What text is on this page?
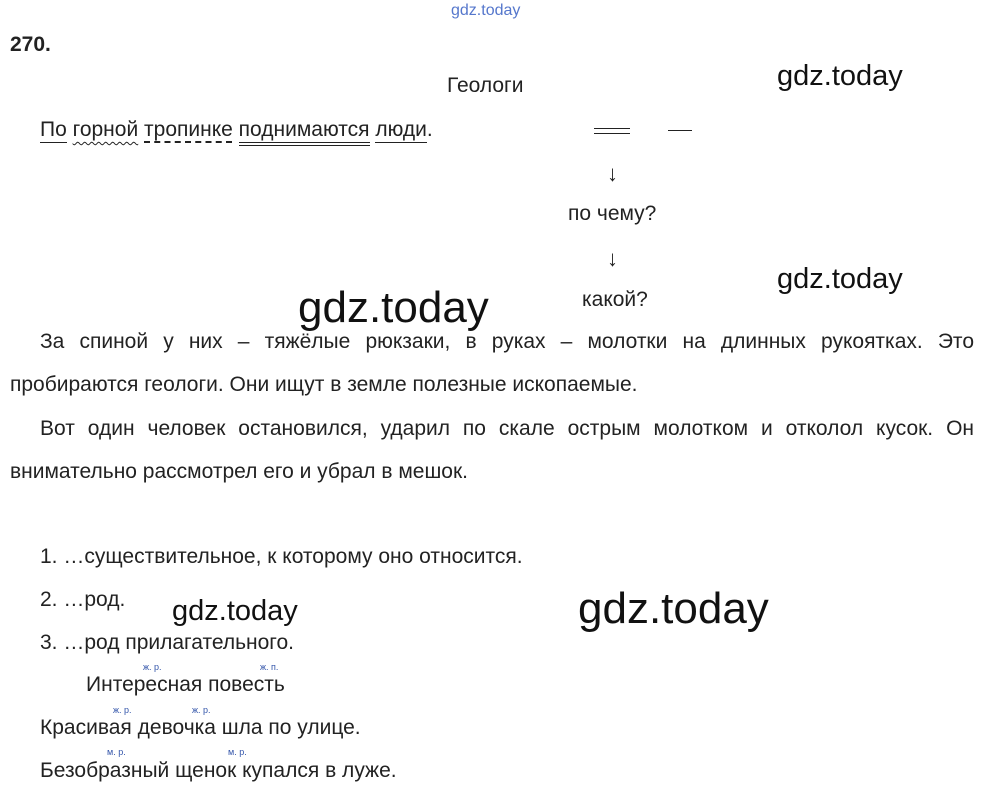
gdz.today
gdz.today
gdz.today
gdz.today
gdz.today	gdz.today
270.
Геологи
По горной тропинке поднимаются люди.
↓
по чему?
↓
какой?
За спиной у них – тяжёлые рюкзаки, в руках – молотки на длинных рукоятках. Это пробираются геологи. Они ищут в земле полезные ископаемые.
Вот один человек остановился, ударил по скале острым молотком и отколол кусок. Он внимательно рассмотрел его и убрал в мешок.
1. …существительное, к которому оно относится.
2. …род.
3. …род прилагательного.
ж. р.	ж. п.
Интересная повесть
ж. р.	ж. р.
Красивая девочка шла по улице.
м. р.	м. р.
Безобразный щенок купался в луже.
